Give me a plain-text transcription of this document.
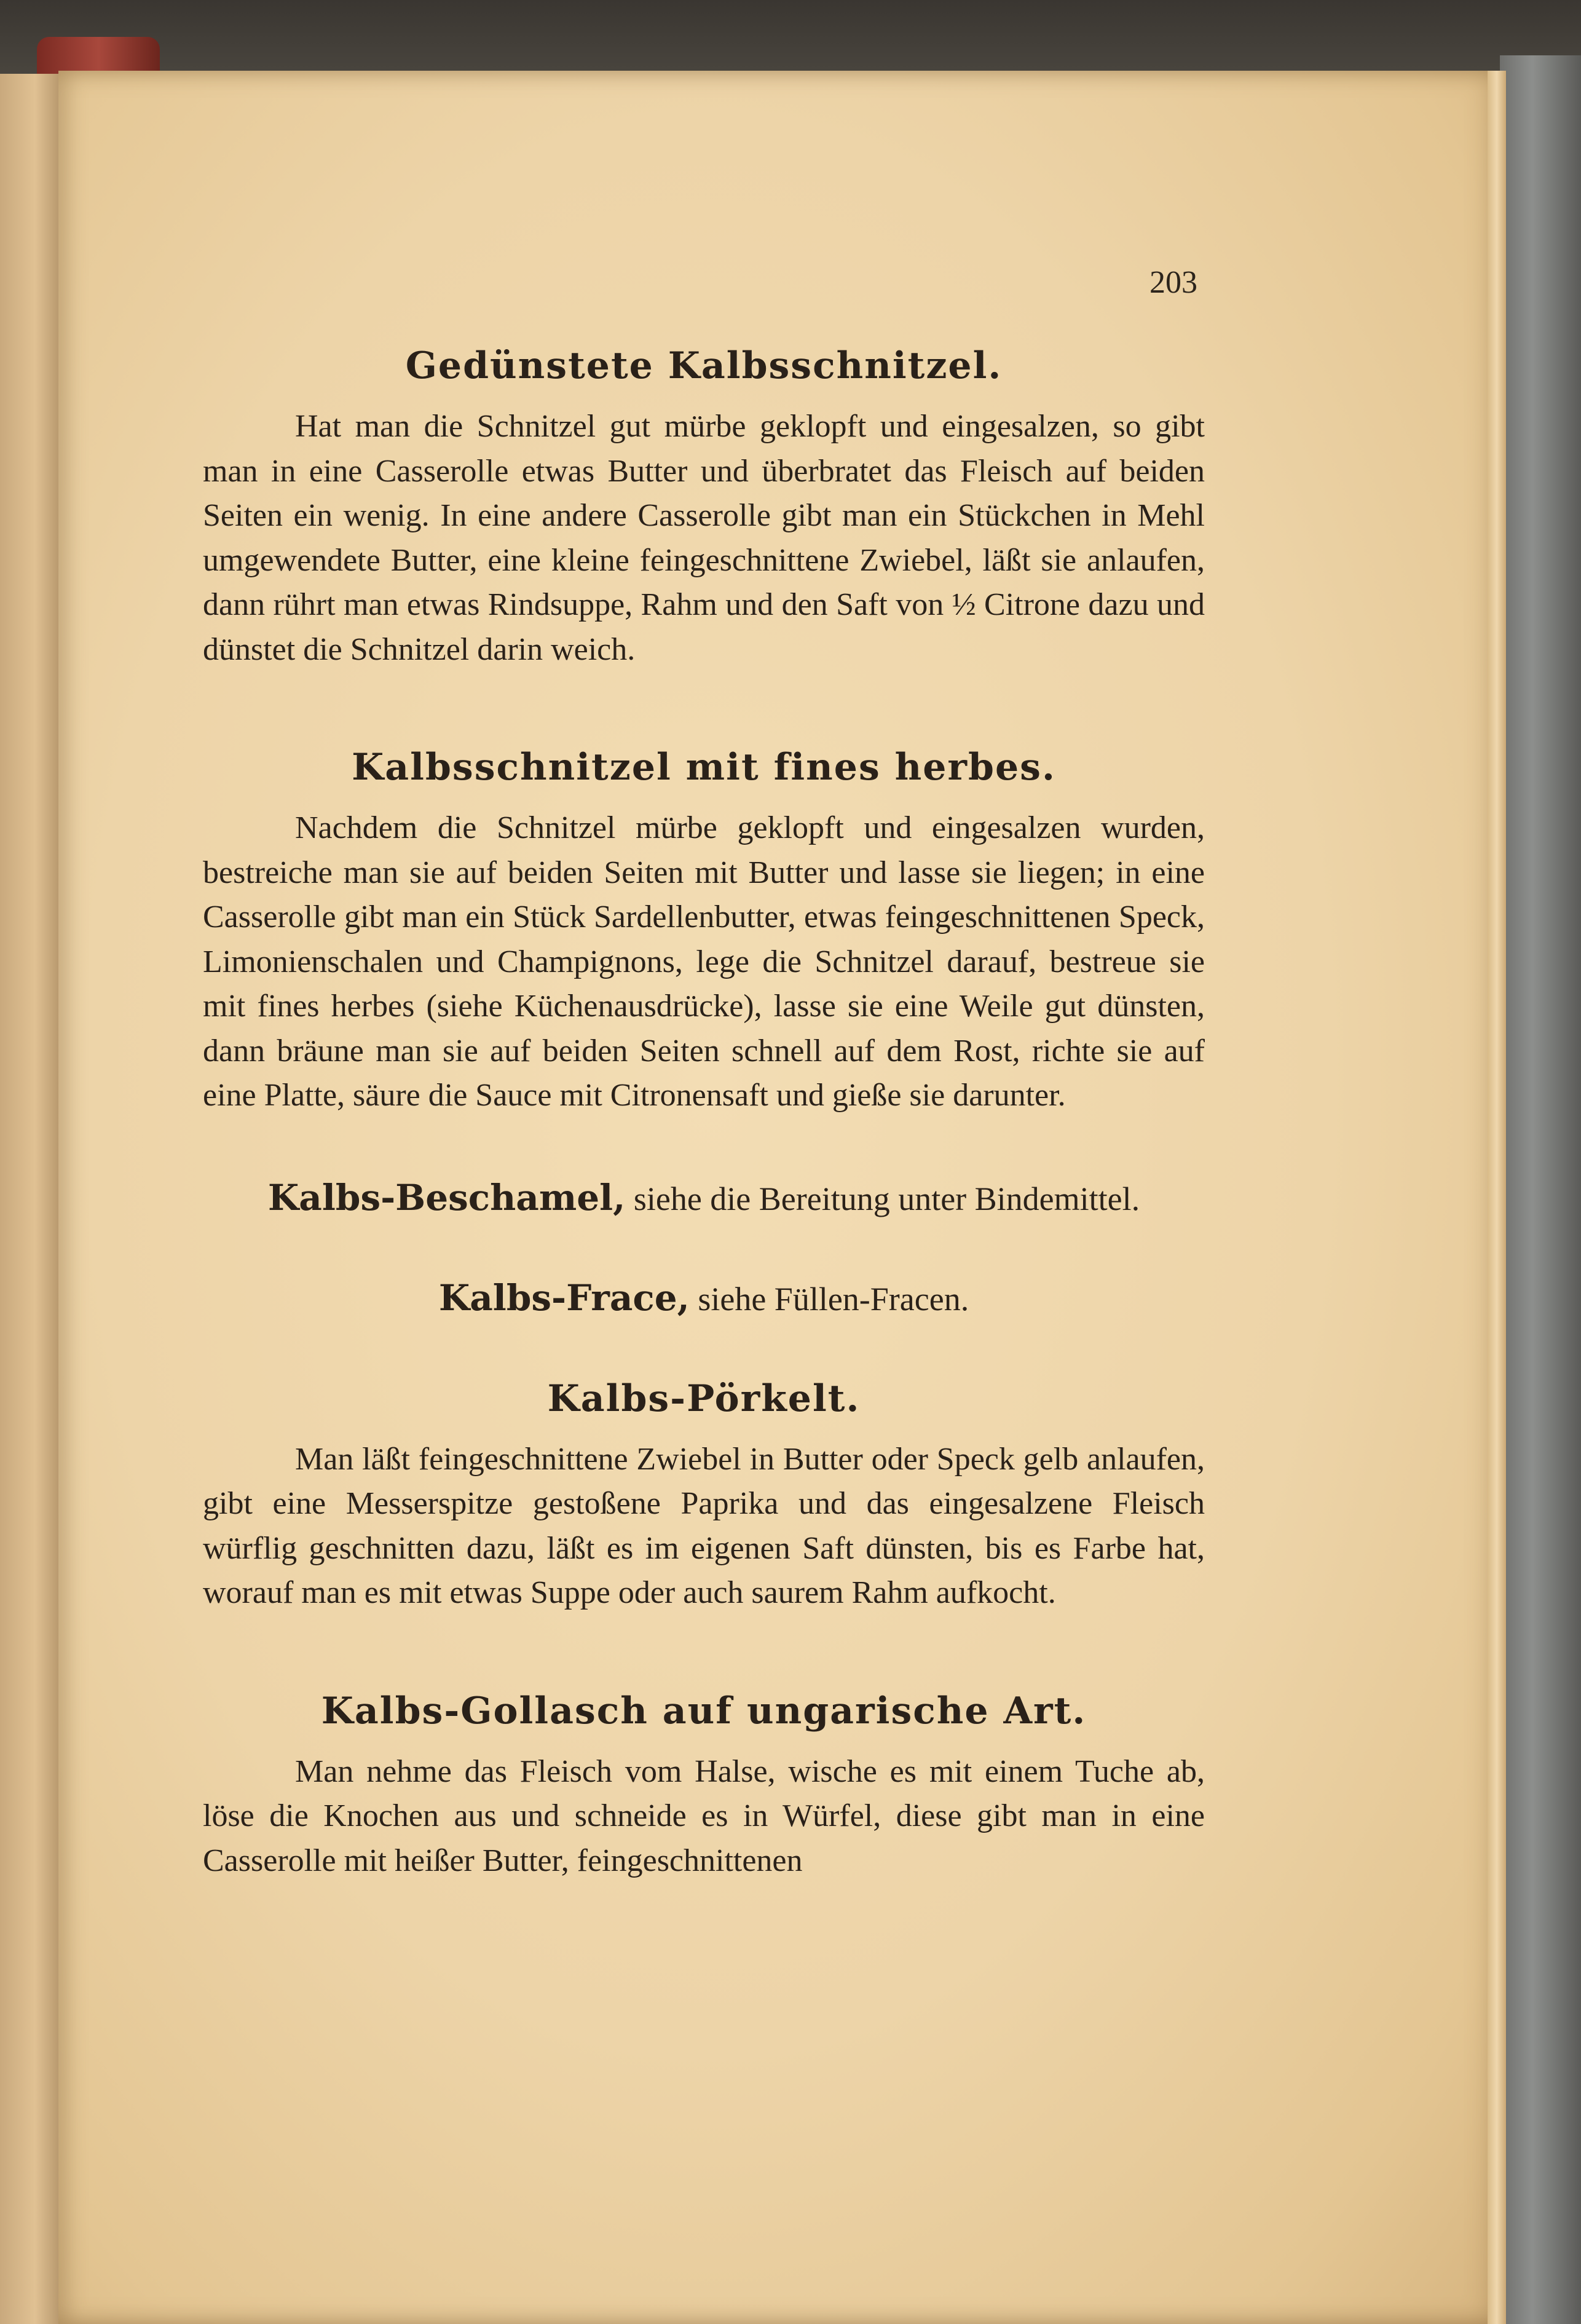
203
Gedünstete Kalbsschnitzel.

Hat man die Schnitzel gut mürbe geklopft und eingesalzen, so gibt man in eine Casserolle etwas Butter und überbratet das Fleisch auf beiden Seiten ein wenig. In eine andere Casserolle gibt man ein Stückchen in Mehl umgewendete Butter, eine kleine feingeschnittene Zwiebel, läßt sie anlaufen, dann rührt man etwas Rindsuppe, Rahm und den Saft von ½ Citrone dazu und dünstet die Schnitzel darin weich.

Kalbsschnitzel mit fines herbes.

Nachdem die Schnitzel mürbe geklopft und eingesalzen wurden, bestreiche man sie auf beiden Seiten mit Butter und lasse sie liegen; in eine Casserolle gibt man ein Stück Sardellenbutter, etwas feingeschnittenen Speck, Limonienschalen und Champignons, lege die Schnitzel darauf, bestreue sie mit fines herbes (siehe Küchenausdrücke), lasse sie eine Weile gut dünsten, dann bräune man sie auf beiden Seiten schnell auf dem Rost, richte sie auf eine Platte, säure die Sauce mit Citronensaft und gieße sie darunter.

Kalbs-Beschamel, siehe die Bereitung unter Bindemittel.
Kalbs-Frace, siehe Füllen-Fracen.
Kalbs-Pörkelt.

Man läßt feingeschnittene Zwiebel in Butter oder Speck gelb anlaufen, gibt eine Messerspitze gestoßene Paprika und das eingesalzene Fleisch würflig geschnitten dazu, läßt es im eigenen Saft dünsten, bis es Farbe hat, worauf man es mit etwas Suppe oder auch saurem Rahm aufkocht.

Kalbs-Gollasch auf ungarische Art.

Man nehme das Fleisch vom Halse, wische es mit einem Tuche ab, löse die Knochen aus und schneide es in Würfel, diese gibt man in eine Casserolle mit heißer Butter, feingeschnittenen
